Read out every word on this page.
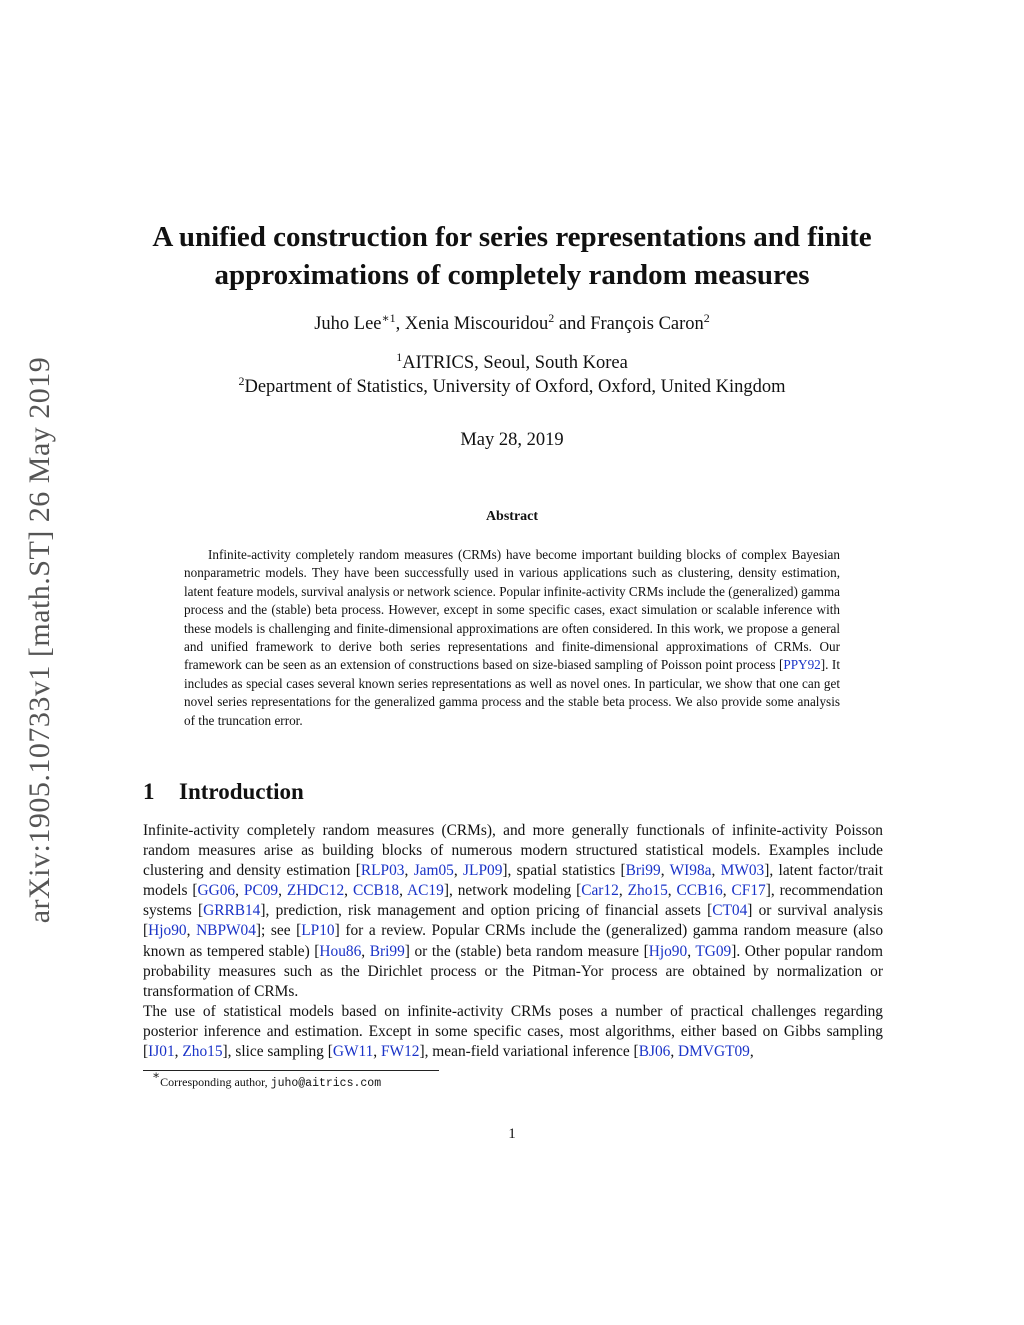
arXiv:1905.10733v1 [math.ST] 26 May 2019
A unified construction for series representations and finite
approximations of completely random measures
Juho Lee$^{∗1}$, Xenia Miscouridou$^2$ and François Caron$^2$
$^1$AITRICS, Seoul, South Korea
$^2$Department of Statistics, University of Oxford, Oxford, United Kingdom
May 28, 2019
Abstract
Infinite-activity completely random measures (CRMs) have become important building blocks of complex Bayesian nonparametric models. They have been successfully used in various applications such as clustering, density estimation, latent feature models, survival analysis or network science. Popular infinite-activity CRMs include the (generalized) gamma process and the (stable) beta process. However, except in some specific cases, exact simulation or scalable inference with these models is challenging and finite-dimensional approximations are often considered. In this work, we propose a general and unified framework to derive both series representations and finite-dimensional approximations of CRMs. Our framework can be seen as an extension of constructions based on size-biased sampling of Poisson point process [PPY92]. It includes as special cases several known series representations as well as novel ones. In particular, we show that one can get novel series representations for the generalized gamma process and the stable beta process. We also provide some analysis of the truncation error.
1 Introduction

Infinite-activity completely random measures (CRMs), and more generally functionals of infinite-activity Poisson random measures arise as building blocks of numerous modern structured statistical models. Examples include clustering and density estimation [RLP03, Jam05, JLP09], spatial statistics [Bri99, WI98a, MW03], latent factor/trait models [GG06, PC09, ZHDC12, CCB18, AC19], network modeling [Car12, Zho15, CCB16, CF17], recommendation systems [GRRB14], prediction, risk management and option pricing of financial assets [CT04] or survival analysis [Hjo90, NBPW04]; see [LP10] for a review. Popular CRMs include the (generalized) gamma random measure (also known as tempered stable) [Hou86, Bri99] or the (stable) beta random measure [Hjo90, TG09]. Other popular random probability measures such as the Dirichlet process or the Pitman-Yor process are obtained by normalization or transformation of CRMs.

The use of statistical models based on infinite-activity CRMs poses a number of practical challenges regarding posterior inference and estimation. Except in some specific cases, most algorithms, either based on Gibbs sampling [IJ01, Zho15], slice sampling [GW11, FW12], mean-field variational inference [BJ06, DMVGT09,

∗Corresponding author, juho@aitrics.com
1
